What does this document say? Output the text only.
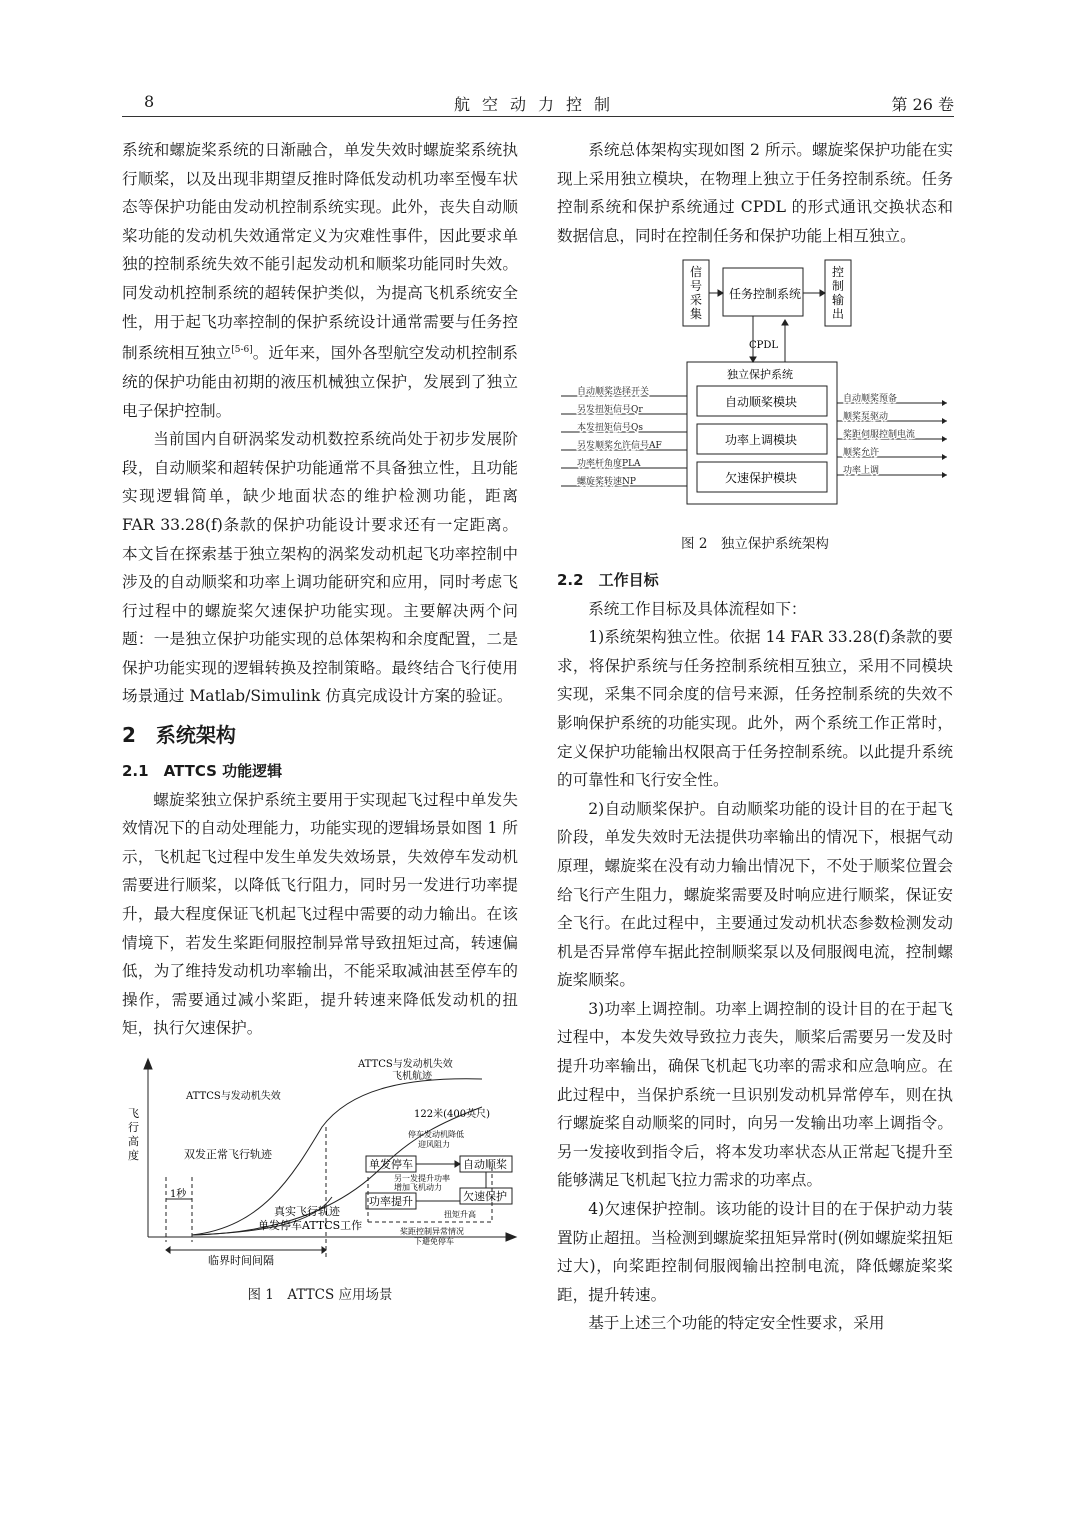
8	航空动力控制	第 26 卷

系统和螺旋桨系统的日渐融合，单发失效时螺旋桨系统执行顺桨，以及出现非期望反推时降低发动机功率至慢车状态等保护功能由发动机控制系统实现。此外，丧失自动顺桨功能的发动机失效通常定义为灾难性事件，因此要求单独的控制系统失效不能引起发动机和顺桨功能同时失效。同发动机控制系统的超转保护类似，为提高飞机系统安全性，用于起飞功率控制的保护系统设计通常需要与任务控制系统相互独立[5-6]。近年来，国外各型航空发动机控制系统的保护功能由初期的液压机械独立保护，发展到了独立电子保护控制。

当前国内自研涡桨发动机数控系统尚处于初步发展阶段，自动顺桨和超转保护功能通常不具备独立性，且功能实现逻辑简单，缺少地面状态的维护检测功能，距离 FAR 33.28(f)条款的保护功能设计要求还有一定距离。本文旨在探索基于独立架构的涡桨发动机起飞功率控制中涉及的自动顺桨和功率上调功能研究和应用，同时考虑飞行过程中的螺旋桨欠速保护功能实现。主要解决两个问题：一是独立保护功能实现的总体架构和余度配置，二是保护功能实现的逻辑转换及控制策略。最终结合飞行使用场景通过 Matlab/Simulink 仿真完成设计方案的验证。

2　系统架构
2.1　ATTCS 功能逻辑

螺旋桨独立保护系统主要用于实现起飞过程中单发失效情况下的自动处理能力，功能实现的逻辑场景如图 1 所示，飞机起飞过程中发生单发失效场景，失效停车发动机需要进行顺桨，以降低飞行阻力，同时另一发进行功率提升，最大程度保证飞机起飞过程中需要的动力输出。在该情境下，若发生桨距伺服控制异常导致扭矩过高，转速偏低，为了维持发动机功率输出，不能采取减油甚至停车的操作，需要通过减小桨距，提升转速来降低发动机的扭矩，执行欠速保护。

飞行高度
ATTCS与发动机失效
ATTCS与发动机失效
飞机航迹
122米(400英尺)
双发正常飞行轨迹
1秒
真实飞行轨迹
单发停车ATTCS工作
临界时间间隔
停车发动机降低
迎风阻力
单发停车	自动顺桨
另一发提升功率
增加飞机动力
功率提升	欠速保护
扭矩升高
桨距控制异常情况
下避免停车
图 1　ATTCS 应用场景

系统总体架构实现如图 2 所示。螺旋桨保护功能在实现上采用独立模块，在物理上独立于任务控制系统。任务控制系统和保护系统通过 CPDL 的形式通讯交换状态和数据信息，同时在控制任务和保护功能上相互独立。

信号采集
任务控制系统
控制输出
CPDL
独立保护系统
自动顺桨模块
功率上调模块
欠速保护模块
自动顺桨选择开关
另发扭矩信号Qr
本发扭矩信号Qs
另发顺桨允许信号AF
功率杆角度PLA
螺旋桨转速NP
自动顺桨预备
顺桨泵驱动
桨距伺服控制电流
顺桨允许
功率上调
图 2　独立保护系统架构
2.2　工作目标

系统工作目标及具体流程如下：

1)系统架构独立性。依据 14 FAR 33.28(f)条款的要求，将保护系统与任务控制系统相互独立，采用不同模块实现，采集不同余度的信号来源，任务控制系统的失效不影响保护系统的功能实现。此外，两个系统工作正常时，定义保护功能输出权限高于任务控制系统。以此提升系统的可靠性和飞行安全性。

2)自动顺桨保护。自动顺桨功能的设计目的在于起飞阶段，单发失效时无法提供功率输出的情况下，根据气动原理，螺旋桨在没有动力输出情况下，不处于顺桨位置会给飞行产生阻力，螺旋桨需要及时响应进行顺桨，保证安全飞行。在此过程中，主要通过发动机状态参数检测发动机是否异常停车据此控制顺桨泵以及伺服阀电流，控制螺旋桨顺桨。

3)功率上调控制。功率上调控制的设计目的在于起飞过程中，本发失效导致拉力丧失，顺桨后需要另一发及时提升功率输出，确保飞机起飞功率的需求和应急响应。在此过程中，当保护系统一旦识别发动机异常停车，则在执行螺旋桨自动顺桨的同时，向另一发输出功率上调指令。另一发接收到指令后，将本发功率状态从正常起飞提升至能够满足飞机起飞拉力需求的功率点。

4)欠速保护控制。该功能的设计目的在于保护动力装置防止超扭。当检测到螺旋桨扭矩异常时(例如螺旋桨扭矩过大)，向桨距控制伺服阀输出控制电流，降低螺旋桨桨距，提升转速。

基于上述三个功能的特定安全性要求，采用
